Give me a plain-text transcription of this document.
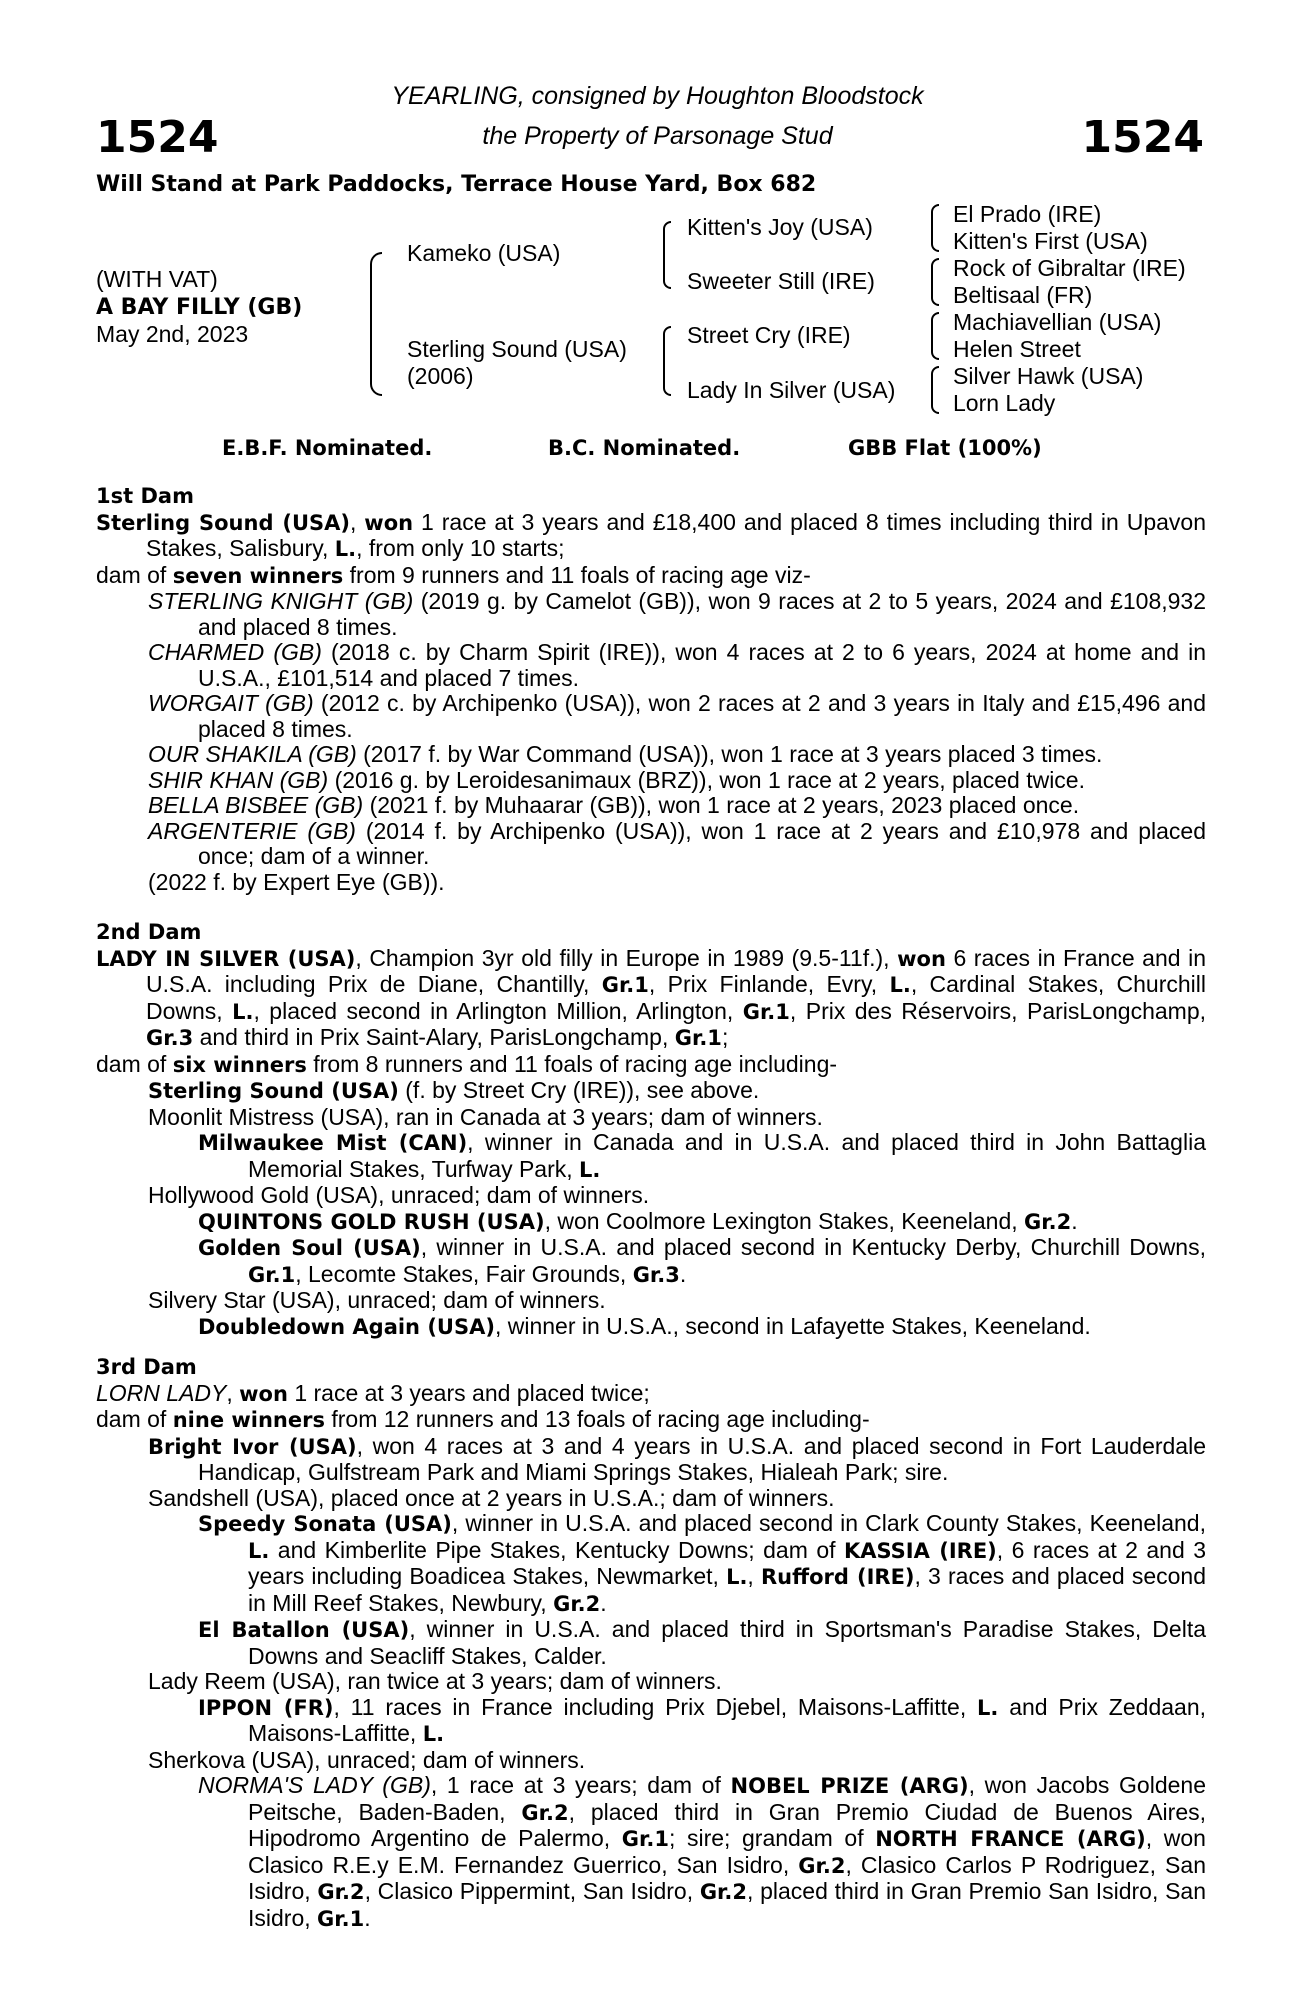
1524	1524
YEARLING, consigned by Houghton Bloodstock
the Property of Parsonage Stud
Will Stand at Park Paddocks, Terrace House Yard, Box 682
(WITH VAT)
A BAY FILLY (GB)
May 2nd, 2023
Kameko (USA)
Sterling Sound (USA)
(2006)
Kitten's Joy (USA)
Sweeter Still (IRE)
Street Cry (IRE)
Lady In Silver (USA)
El Prado (IRE)
Kitten's First (USA)
Rock of Gibraltar (IRE)
Beltisaal (FR)
Machiavellian (USA)
Helen Street
Silver Hawk (USA)
Lorn Lady
E.B.F. Nominated.	B.C. Nominated.	GBB Flat (100%)
1st Dam

Sterling Sound (USA), won 1 race at 3 years and £18,400 and placed 8 times including third in Upavon Stakes, Salisbury, L., from only 10 starts;

dam of seven winners from 9 runners and 11 foals of racing age viz-

STERLING KNIGHT (GB) (2019 g. by Camelot (GB)), won 9 races at 2 to 5 years, 2024 and £108,932 and placed 8 times.

CHARMED (GB) (2018 c. by Charm Spirit (IRE)), won 4 races at 2 to 6 years, 2024 at home and in U.S.A., £101,514 and placed 7 times.

WORGAIT (GB) (2012 c. by Archipenko (USA)), won 2 races at 2 and 3 years in Italy and £15,496 and placed 8 times.

OUR SHAKILA (GB) (2017 f. by War Command (USA)), won 1 race at 3 years placed 3 times.

SHIR KHAN (GB) (2016 g. by Leroidesanimaux (BRZ)), won 1 race at 2 years, placed twice.

BELLA BISBEE (GB) (2021 f. by Muhaarar (GB)), won 1 race at 2 years, 2023 placed once.

ARGENTERIE (GB) (2014 f. by Archipenko (USA)), won 1 race at 2 years and £10,978 and placed once; dam of a winner.

(2022 f. by Expert Eye (GB)).

2nd Dam

LADY IN SILVER (USA), Champion 3yr old filly in Europe in 1989 (9.5-11f.), won 6 races in France and in U.S.A. including Prix de Diane, Chantilly, Gr.1, Prix Finlande, Evry, L., Cardinal Stakes, Churchill Downs, L., placed second in Arlington Million, Arlington, Gr.1, Prix des Réservoirs, ParisLongchamp, Gr.3 and third in Prix Saint-Alary, ParisLongchamp, Gr.1;

dam of six winners from 8 runners and 11 foals of racing age including-

Sterling Sound (USA) (f. by Street Cry (IRE)), see above.

Moonlit Mistress (USA), ran in Canada at 3 years; dam of winners.

Milwaukee Mist (CAN), winner in Canada and in U.S.A. and placed third in John Battaglia Memorial Stakes, Turfway Park, L.

Hollywood Gold (USA), unraced; dam of winners.

QUINTONS GOLD RUSH (USA), won Coolmore Lexington Stakes, Keeneland, Gr.2.

Golden Soul (USA), winner in U.S.A. and placed second in Kentucky Derby, Churchill Downs, Gr.1, Lecomte Stakes, Fair Grounds, Gr.3.

Silvery Star (USA), unraced; dam of winners.

Doubledown Again (USA), winner in U.S.A., second in Lafayette Stakes, Keeneland.

3rd Dam

LORN LADY, won 1 race at 3 years and placed twice;

dam of nine winners from 12 runners and 13 foals of racing age including-

Bright Ivor (USA), won 4 races at 3 and 4 years in U.S.A. and placed second in Fort Lauderdale Handicap, Gulfstream Park and Miami Springs Stakes, Hialeah Park; sire.

Sandshell (USA), placed once at 2 years in U.S.A.; dam of winners.

Speedy Sonata (USA), winner in U.S.A. and placed second in Clark County Stakes, Keeneland, L. and Kimberlite Pipe Stakes, Kentucky Downs; dam of KASSIA (IRE), 6 races at 2 and 3 years including Boadicea Stakes, Newmarket, L., Rufford (IRE), 3 races and placed second in Mill Reef Stakes, Newbury, Gr.2.

El Batallon (USA), winner in U.S.A. and placed third in Sportsman's Paradise Stakes, Delta Downs and Seacliff Stakes, Calder.

Lady Reem (USA), ran twice at 3 years; dam of winners.

IPPON (FR), 11 races in France including Prix Djebel, Maisons-Laffitte, L. and Prix Zeddaan, Maisons-Laffitte, L.

Sherkova (USA), unraced; dam of winners.

NORMA'S LADY (GB), 1 race at 3 years; dam of NOBEL PRIZE (ARG), won Jacobs Goldene Peitsche, Baden-Baden, Gr.2, placed third in Gran Premio Ciudad de Buenos Aires, Hipodromo Argentino de Palermo, Gr.1; sire; grandam of NORTH FRANCE (ARG), won Clasico R.E.y E.M. Fernandez Guerrico, San Isidro, Gr.2, Clasico Carlos P Rodriguez, San Isidro, Gr.2, Clasico Pippermint, San Isidro, Gr.2, placed third in Gran Premio San Isidro, San Isidro, Gr.1.
